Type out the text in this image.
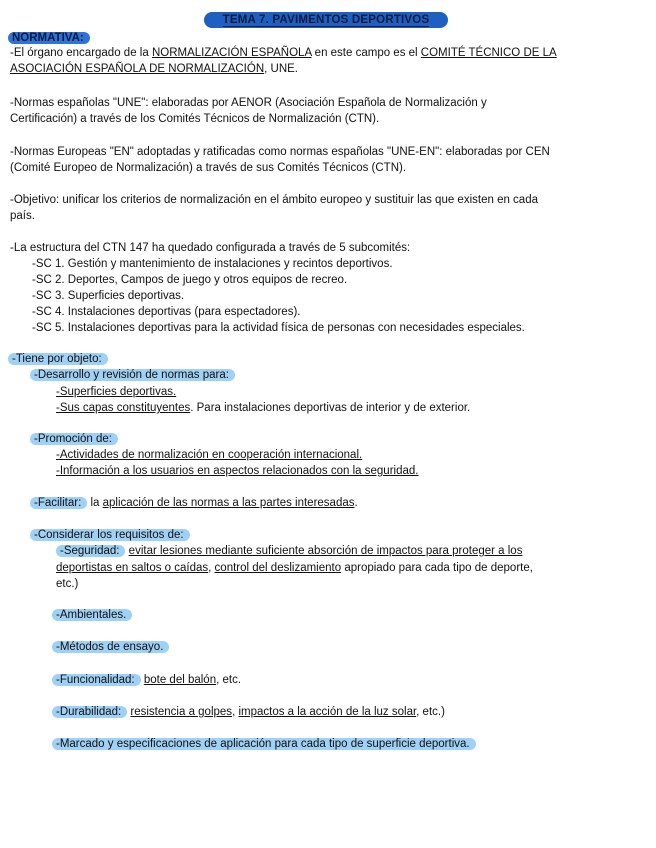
TEMA 7. PAVIMENTOS DEPORTIVOS
NORMATIVA:
-El órgano encargado de la NORMALIZACIÓN ESPAÑOLA en este campo es el COMITÉ TÉCNICO DE LA
ASOCIACIÓN ESPAÑOLA DE NORMALIZACIÓN, UNE.
-Normas españolas "UNE": elaboradas por AENOR (Asociación Española de Normalización y
Certificación) a través de los Comités Técnicos de Normalización (CTN).
-Normas Europeas "EN" adoptadas y ratificadas como normas españolas "UNE-EN": elaboradas por CEN
(Comité Europeo de Normalización) a través de sus Comités Técnicos (CTN).
-Objetivo: unificar los criterios de normalización en el ámbito europeo y sustituir las que existen en cada
país.
-La estructura del CTN 147 ha quedado configurada a través de 5 subcomités:
-SC 1. Gestión y mantenimiento de instalaciones y recintos deportivos.
-SC 2. Deportes, Campos de juego y otros equipos de recreo.
-SC 3. Superficies deportivas.
-SC 4. Instalaciones deportivas (para espectadores).
-SC 5. Instalaciones deportivas para la actividad física de personas con necesidades especiales.
-Tiene por objeto:
-Desarrollo y revisión de normas para:
-Superficies deportivas.
-Sus capas constituyentes. Para instalaciones deportivas de interior y de exterior.
-Promoción de:
-Actividades de normalización en cooperación internacional.
-Información a los usuarios en aspectos relacionados con la seguridad.
-Facilitar: la aplicación de las normas a las partes interesadas.
-Considerar los requisitos de:
-Seguridad: evitar lesiones mediante suficiente absorción de impactos para proteger a los
deportistas en saltos o caídas, control del deslizamiento apropiado para cada tipo de deporte,
etc.)
-Ambientales.
-Métodos de ensayo.
-Funcionalidad: bote del balón, etc.
-Durabilidad: resistencia a golpes, impactos a la acción de la luz solar, etc.)
-Marcado y especificaciones de aplicación para cada tipo de superficie deportiva.
